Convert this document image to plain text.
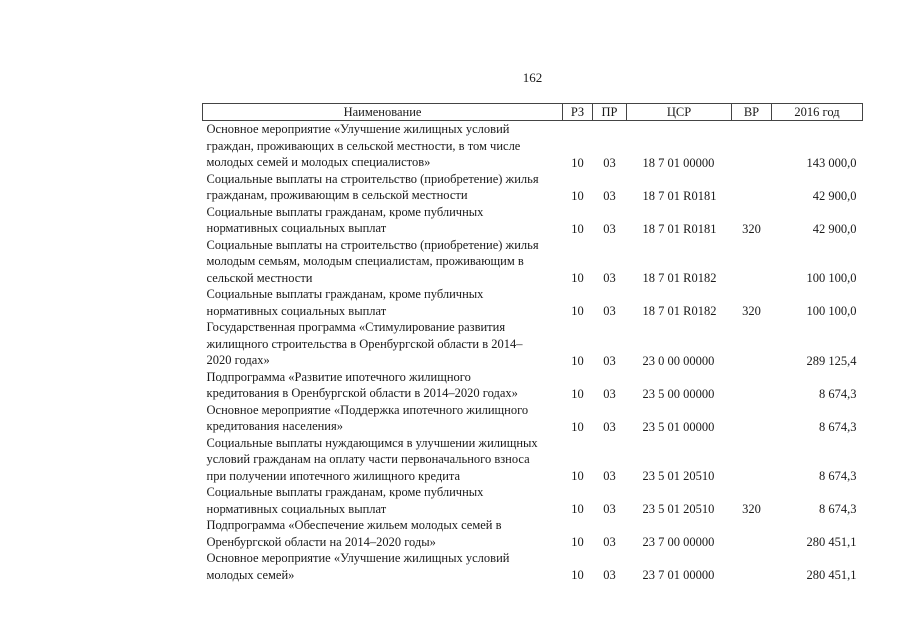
162
Наименование	РЗ	ПР	ЦСР	ВР	2016 год

Основное мероприятие «Улучшение жилищных условий
граждан, проживающих в сельской местности, в том числе
молодых семей и молодых специалистов»	10	03	18 7 01 00000		143 000,0

Социальные выплаты на строительство (приобретение) жилья
гражданам, проживающим в сельской местности	10	03	18 7 01 R0181		42 900,0

Социальные выплаты гражданам, кроме публичных
нормативных социальных выплат	10	03	18 7 01 R0181	320	42 900,0

Социальные выплаты на строительство (приобретение) жилья
молодым семьям, молодым специалистам, проживающим в
сельской местности	10	03	18 7 01 R0182		100 100,0

Социальные выплаты гражданам, кроме публичных
нормативных социальных выплат	10	03	18 7 01 R0182	320	100 100,0

Государственная программа «Стимулирование развития
жилищного строительства в Оренбургской области в 2014–
2020 годах»	10	03	23 0 00 00000		289 125,4

Подпрограмма «Развитие ипотечного жилищного
кредитования в Оренбургской области в 2014–2020 годах»	10	03	23 5 00 00000		8 674,3

Основное мероприятие «Поддержка ипотечного жилищного
кредитования населения»	10	03	23 5 01 00000		8 674,3

Социальные выплаты нуждающимся в улучшении жилищных
условий гражданам на оплату части первоначального взноса
при получении ипотечного жилищного кредита	10	03	23 5 01 20510		8 674,3

Социальные выплаты гражданам, кроме публичных
нормативных социальных выплат	10	03	23 5 01 20510	320	8 674,3

Подпрограмма «Обеспечение жильем молодых семей в
Оренбургской области на 2014–2020 годы»	10	03	23 7 00 00000		280 451,1

Основное мероприятие «Улучшение жилищных условий
молодых семей»	10	03	23 7 01 00000		280 451,1
